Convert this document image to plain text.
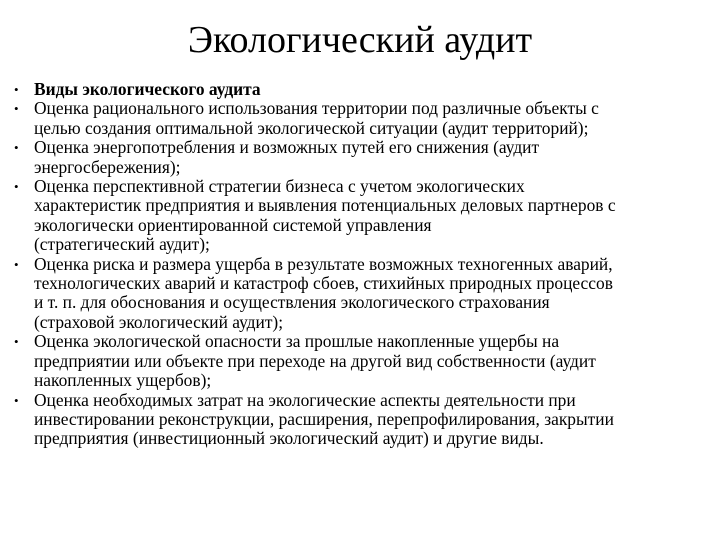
Экологический аудит
• Виды экологического аудита
• Оценка рационального использования территории под различные объекты с
целью создания оптимальной экологической ситуации (аудит территорий);
• Оценка энергопотребления и возможных путей его снижения (аудит
энергосбережения);
• Оценка перспективной стратегии бизнеса с учетом экологических
характеристик предприятия и выявления потенциальных деловых партнеров с
экологически ориентированной системой управления
(стратегический аудит);
• Оценка риска и размера ущерба в результате возможных техногенных аварий,
технологических аварий и катастроф сбоев, стихийных природных процессов
и т. п. для обоснования и осуществления экологического страхования
(страховой экологический аудит);
• Оценка экологической опасности за прошлые накопленные ущербы на
предприятии или объекте при переходе на другой вид собственности (аудит
накопленных ущербов);
• Оценка необходимых затрат на экологические аспекты деятельности при
инвестировании реконструкции, расширения, перепрофилирования, закрытии
предприятия (инвестиционный экологический аудит) и другие виды.
